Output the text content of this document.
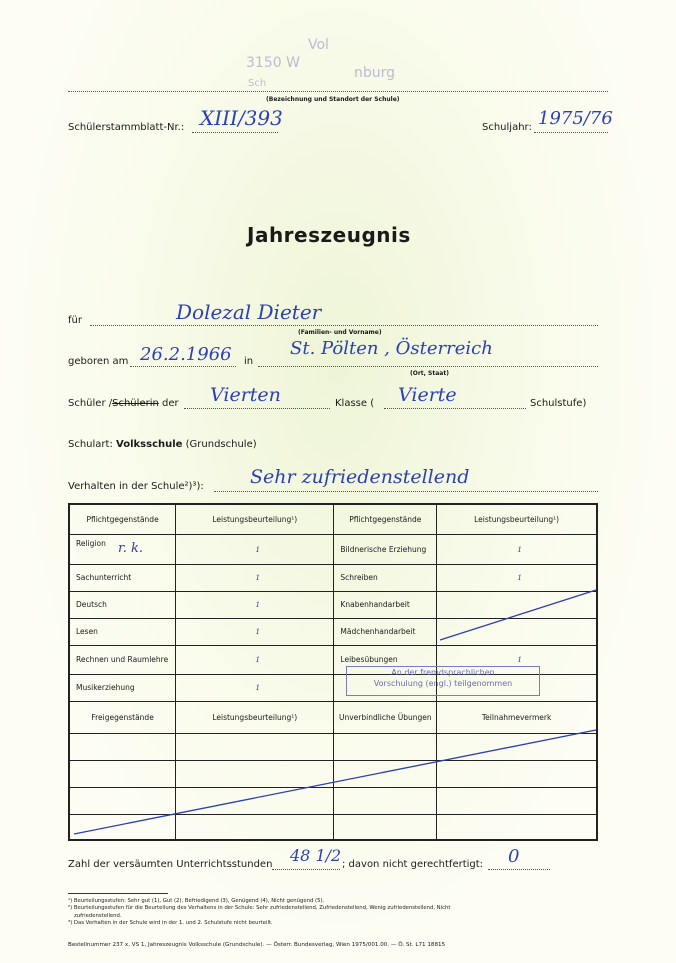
Vol
3150 W
nburg
Sch
(Bezeichnung und Standort der Schule)
Schülerstammblatt-Nr.: XIII/393	Schuljahr: 1975/76
Jahreszeugnis
für	Dolezal Dieter
(Familien- und Vorname)
geboren am 26.2.1966 in
St. Pölten , Österreich
(Ort, Staat)
Schüler /Schülerin der Vierten	Klasse ( Vierte	Schulstufe)
Schulart: Volksschule (Grundschule)
Verhalten in der Schule²)³): Sehr zufriedenstellend
Pflichtgegenstände	Leistungsbeurteilung¹)	Pflichtgegenstände	Leistungsbeurteilung¹)

Religion r. k.	1	Bildnerische Erziehung	1
Sachunterricht	1	Schreiben	1
Deutsch	1	Knabenhandarbeit	
Lesen	1	Mädchenhandarbeit	
Rechnen und Raumlehre	1	Leibesübungen	1
Musikerziehung	1		
Freigegenstände	Leistungsbeurteilung¹)	Unverbindliche Übungen	Teilnahmevermerk

An der fremdsprachlichen
Vorschulung (engl.) teilgenommen
Zahl der versäumten Unterrichtsstunden 48 1/2 ; davon nicht gerechtfertigt: 0
¹) Beurteilungsstufen: Sehr gut (1), Gut (2), Befriedigend (3), Genügend (4), Nicht genügend (5).
²) Beurteilungsstufen für die Beurteilung des Verhaltens in der Schule: Sehr zufriedenstellend, Zufriedenstellend, Wenig zufriedenstellend, Nicht
zufriedenstellend.
³) Das Verhalten in der Schule wird in der 1. und 2. Schulstufe nicht beurteilt.
Bestellnummer 237 x, VS 1, Jahreszeugnis Volksschule (Grundschule). — Österr. Bundesverlag, Wien 1975/001.00. — Ö. St. L71 18815
